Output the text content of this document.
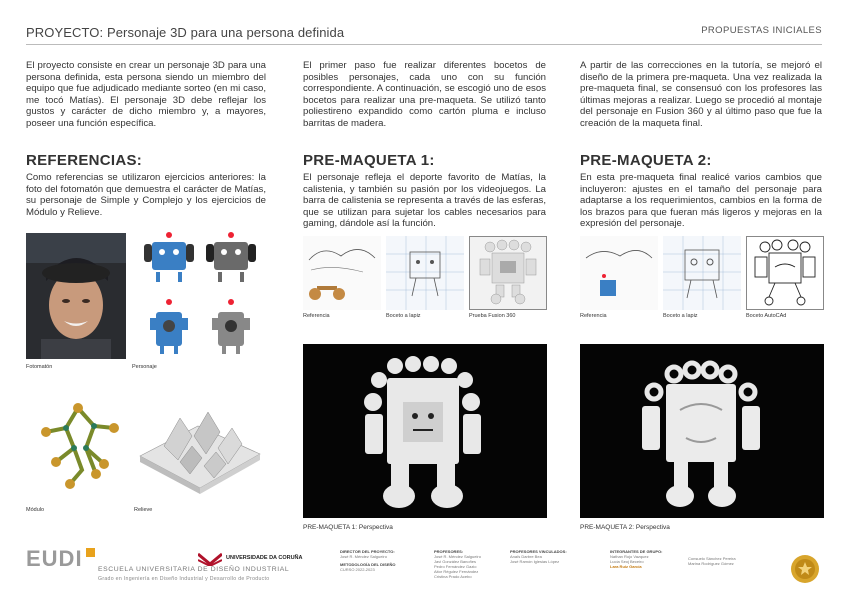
PROYECTO: Personaje 3D para una persona definida	PROPUESTAS INICIALES
El proyecto consiste en crear un personaje 3D para una persona definida, esta persona siendo un miembro del equipo que fue adjudicado mediante sorteo (en mi caso, me tocó Matías). El personaje 3D debe reflejar los gustos y carácter de dicho miembro y, a mayores, poseer una función específica.
REFERENCIAS:
Como referencias se utilizaron ejercicios anteriores: la foto del fotomatón que demuestra el carácter de Matías, su personaje de Simple y Complejo y los ejercicios de Módulo y Relieve.
Fotomatón	Personaje
Módulo	Relieve
El primer paso fue realizar diferentes bocetos de posibles personajes, cada uno con su función correspondiente. A continuación, se escogió uno de esos bocetos para realizar una pre-maqueta. Se utilizó tanto poliestireno expandido como cartón pluma e incluso barritas de madera.
PRE-MAQUETA 1:
El personaje refleja el deporte favorito de Matías, la calistenia, y también su pasión por los videojuegos. La barra de calistenia se representa a través de las esferas, que se utilizan para sujetar los cables necesarios para gaming, dándole así la función.
Referencia	Boceto a lapiz	Prueba Fusion 360
PRE-MAQUETA 1: Perspectiva
A partir de las correcciones en la tutoría, se mejoró el diseño de la primera pre-maqueta. Una vez realizada la pre-maqueta final, se consensuó con los profesores las últimas mejoras a realizar. Luego se procedió al montaje del personaje en Fusion 360 y al último paso que fue la creación de la maqueta final.
PRE-MAQUETA 2:
En esta pre-maqueta final realicé varios cambios que incluyeron: ajustes en el tamaño del personaje para adaptarse a los requerimientos, cambios en la forma de los brazos para que fueran más ligeros y mejoras en la expresión del personaje.
Referencia	Boceto a lapiz	Boceto AutoCAd
PRE-MAQUETA 2: Perspectiva
EUDI ESCUELA UNIVERSITARIA DE DISEÑO INDUSTRIAL
Grado en Ingeniería en Diseño Industrial y Desarrollo de Producto
UNIVERSIDADE DA CORUÑA
DIRECTOR DEL PROYECTO:
José R. Méndez Salgueiro
METODOLOGÍA DEL DISEÑO
CURSO 2022-2023
PROFESORES:
José R. Méndez Salgueiro
Javi González Banoñes
Pedro Fernández Gazio
Aitor Régulez Fernández
Cristina Prado Acebo
PROFESORES VINCULADOS:
Anaïs Darbre Bea
José Ramón Iglesias López
INTEGRANTES DE GRUPO:
Nathan Rojo Vazquez
Lucía Seoj Beceiro
Lara Ruiz García
Consuelo Sánchez Pereira
Marina Rodríguez Gómez
